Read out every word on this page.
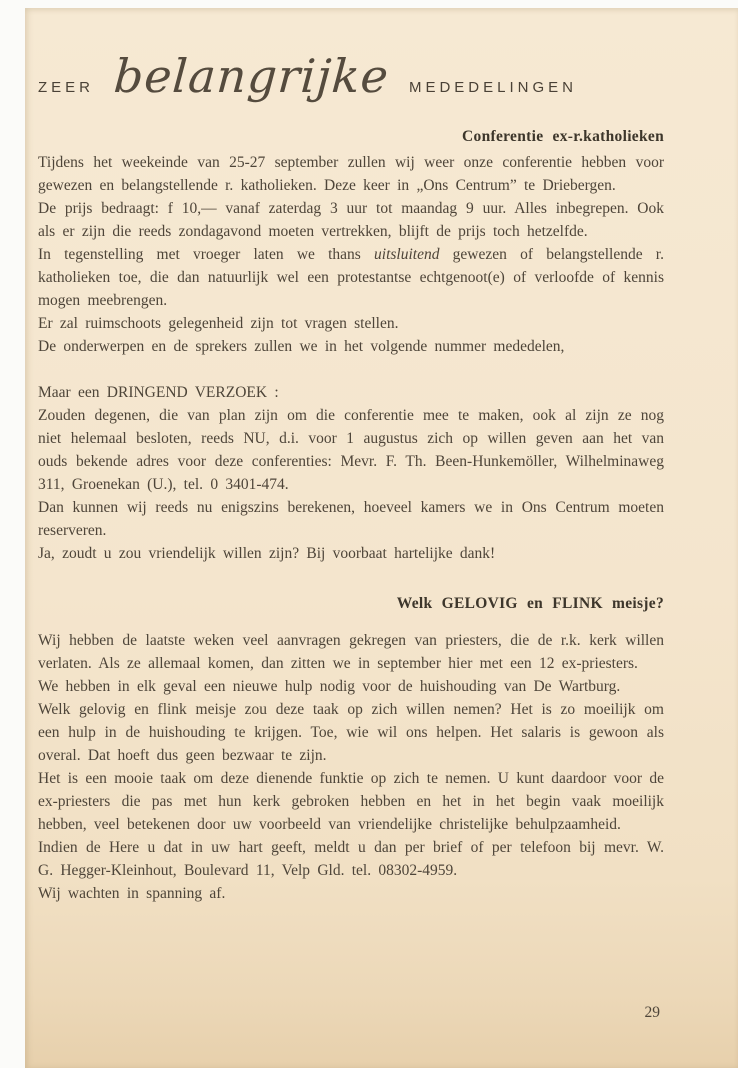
ZEER belangrijke MEDEDELINGEN
Conferentie ex-r.katholieken

Tijdens het weekeinde van 25-27 september zullen wij weer onze conferentie hebben voor gewezen en belangstellende r. katholieken. Deze keer in „Ons Centrum” te Driebergen.

De prijs bedraagt: f 10,— vanaf zaterdag 3 uur tot maandag 9 uur. Alles inbegrepen. Ook als er zijn die reeds zondagavond moeten vertrekken, blijft de prijs toch hetzelfde.

In tegenstelling met vroeger laten we thans uitsluitend gewezen of belangstellende r. katholieken toe, die dan natuurlijk wel een protestantse echtgenoot(e) of verloofde of kennis mogen meebrengen.

Er zal ruimschoots gelegenheid zijn tot vragen stellen.

De onderwerpen en de sprekers zullen we in het volgende nummer mededelen,

Maar een DRINGEND VERZOEK :

Zouden degenen, die van plan zijn om die conferentie mee te maken, ook al zijn ze nog niet helemaal besloten, reeds NU, d.i. voor 1 augustus zich op willen geven aan het van ouds bekende adres voor deze conferenties: Mevr. F. Th. Been-Hunkemöller, Wilhelminaweg 311, Groenekan (U.), tel. 0 3401-474.

Dan kunnen wij reeds nu enigszins berekenen, hoeveel kamers we in Ons Centrum moeten reserveren.

Ja, zoudt u zou vriendelijk willen zijn? Bij voorbaat hartelijke dank!

Welk GELOVIG en FLINK meisje?

Wij hebben de laatste weken veel aanvragen gekregen van priesters, die de r.k. kerk willen verlaten. Als ze allemaal komen, dan zitten we in september hier met een 12 ex-priesters.

We hebben in elk geval een nieuwe hulp nodig voor de huishouding van De Wartburg.

Welk gelovig en flink meisje zou deze taak op zich willen nemen? Het is zo moeilijk om een hulp in de huishouding te krijgen. Toe, wie wil ons helpen. Het salaris is gewoon als overal. Dat hoeft dus geen bezwaar te zijn.

Het is een mooie taak om deze dienende funktie op zich te nemen. U kunt daardoor voor de ex-priesters die pas met hun kerk gebroken hebben en het in het begin vaak moeilijk hebben, veel betekenen door uw voorbeeld van vriendelijke christelijke behulpzaamheid.

Indien de Here u dat in uw hart geeft, meldt u dan per brief of per telefoon bij mevr. W. G. Hegger-Kleinhout, Boulevard 11, Velp Gld. tel. 08302-4959.

Wij wachten in spanning af.

29
